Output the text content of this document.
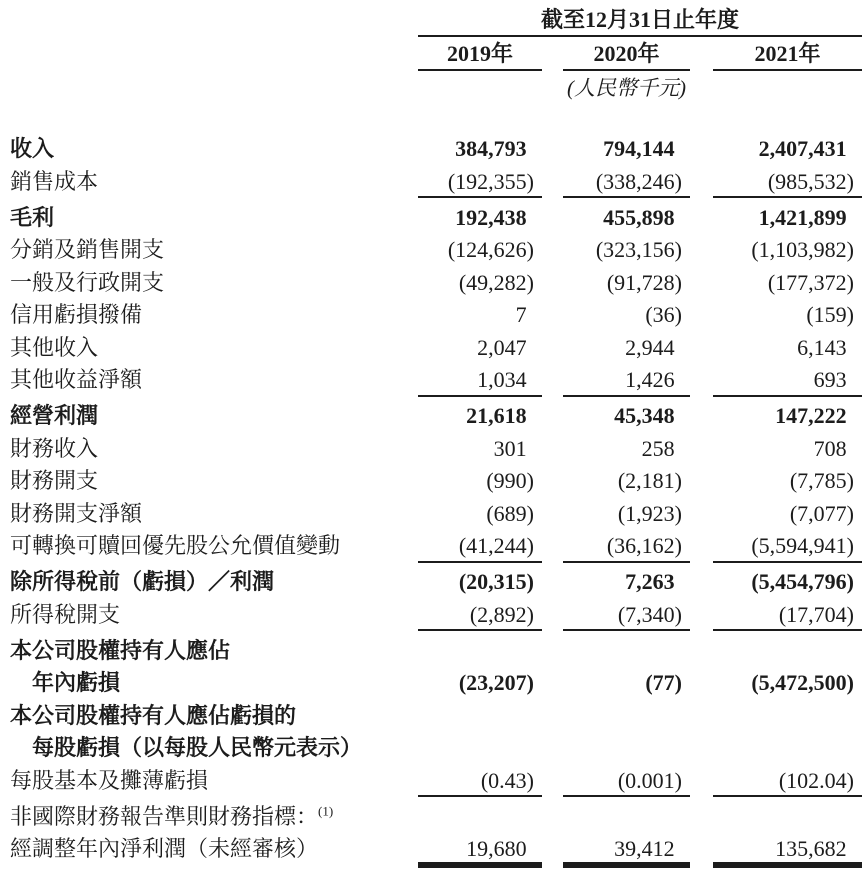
截至12月31日止年度
2019年	2020年	2021年
(人民幣千元)
收入	384,793	794,144	2,407,431
銷售成本	(192,355)	(338,246)	(985,532)
毛利	192,438	455,898	1,421,899
分銷及銷售開支	(124,626)	(323,156)	(1,103,982)
一般及行政開支	(49,282)	(91,728)	(177,372)
信用虧損撥備	7	(36)	(159)
其他收入	2,047	2,944	6,143
其他收益淨額	1,034	1,426	693
經營利潤	21,618	45,348	147,222
財務收入	301	258	708
財務開支	(990)	(2,181)	(7,785)
財務開支淨額	(689)	(1,923)	(7,077)
可轉換可贖回優先股公允價值變動	(41,244)	(36,162)	(5,594,941)
除所得稅前（虧損）／利潤	(20,315)	7,263	(5,454,796)
所得稅開支	(2,892)	(7,340)	(17,704)
本公司股權持有人應佔
年內虧損	(23,207)	(77)	(5,472,500)
本公司股權持有人應佔虧損的
每股虧損（以每股人民幣元表示）
每股基本及攤薄虧損	(0.43)	(0.001)	(102.04)
非國際財務報告準則財務指標：$^{(1)}$
經調整年內淨利潤（未經審核）	19,680	39,412	135,682
